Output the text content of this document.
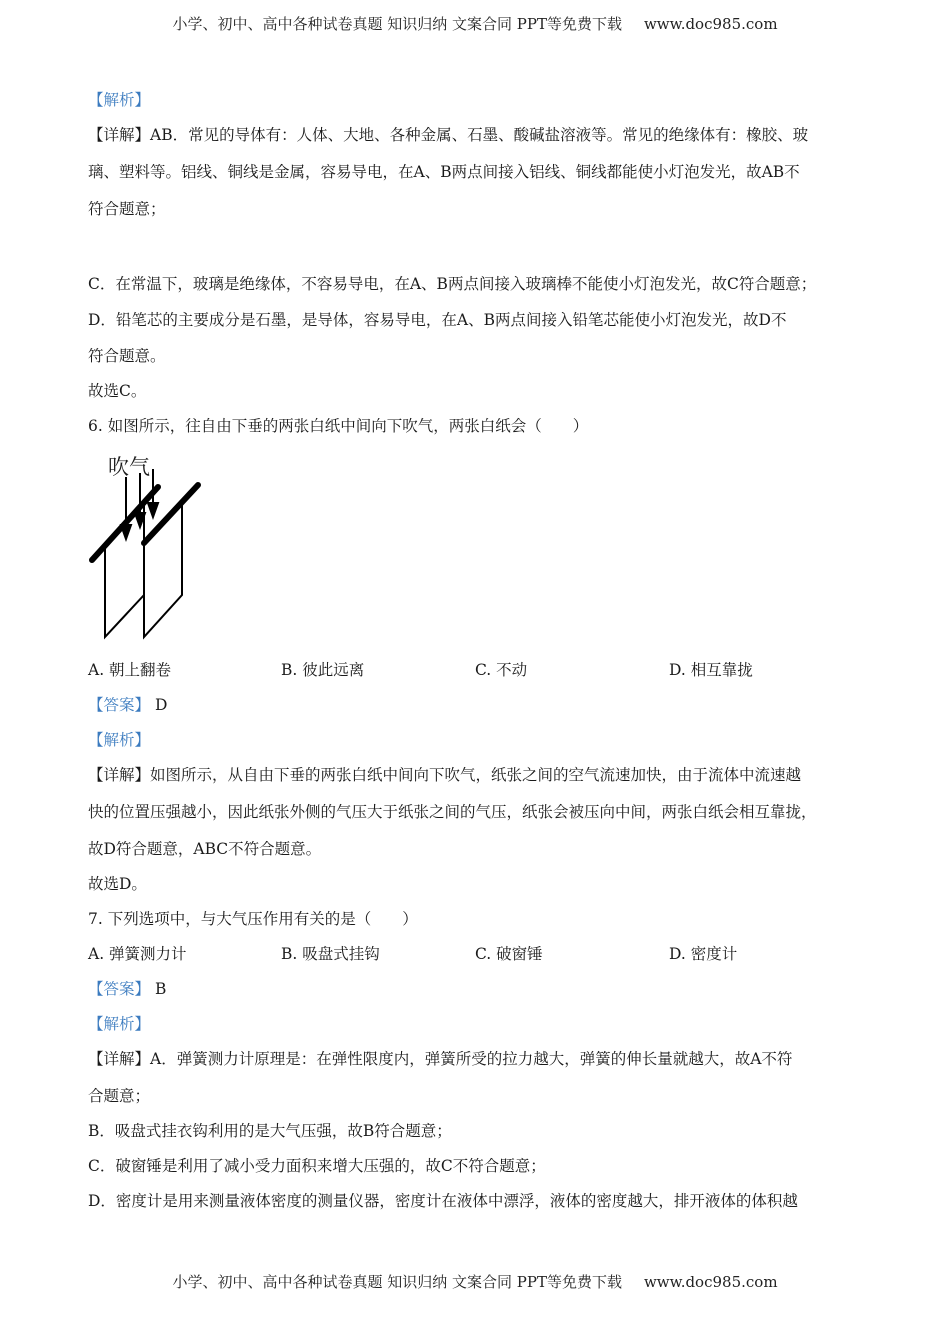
小学、初中、高中各种试卷真题 知识归纳 文案合同 PPT等免费下载 www.doc985.com
【解析】
【详解】AB．常见的导体有：人体、大地、各种金属、石墨、酸碱盐溶液等。常见的绝缘体有：橡胶、玻
璃、塑料等。铝线、铜线是金属，容易导电，在A、B两点间接入铝线、铜线都能使小灯泡发光，故AB不
符合题意；
C．在常温下，玻璃是绝缘体，不容易导电，在A、B两点间接入玻璃棒不能使小灯泡发光，故C符合题意；
D．铅笔芯的主要成分是石墨，是导体，容易导电，在A、B两点间接入铅笔芯能使小灯泡发光，故D不
符合题意。
故选C。
6. 如图所示，往自由下垂的两张白纸中间向下吹气，两张白纸会（　　）
吹气
A. 朝上翻卷	B. 彼此远离	C. 不动	D. 相互靠拢
【答案】 D
【解析】
【详解】如图所示，从自由下垂的两张白纸中间向下吹气，纸张之间的空气流速加快，由于流体中流速越
快的位置压强越小，因此纸张外侧的气压大于纸张之间的气压，纸张会被压向中间，两张白纸会相互靠拢，
故D符合题意，ABC不符合题意。
故选D。
7. 下列选项中，与大气压作用有关的是（　　）
A. 弹簧测力计	B. 吸盘式挂钩	C. 破窗锤	D. 密度计
【答案】 B
【解析】
【详解】A．弹簧测力计原理是：在弹性限度内，弹簧所受的拉力越大，弹簧的伸长量就越大，故A不符
合题意；
B．吸盘式挂衣钩利用的是大气压强，故B符合题意；
C．破窗锤是利用了减小受力面积来增大压强的，故C不符合题意；
D．密度计是用来测量液体密度的测量仪器，密度计在液体中漂浮，液体的密度越大，排开液体的体积越
小学、初中、高中各种试卷真题 知识归纳 文案合同 PPT等免费下载 www.doc985.com
